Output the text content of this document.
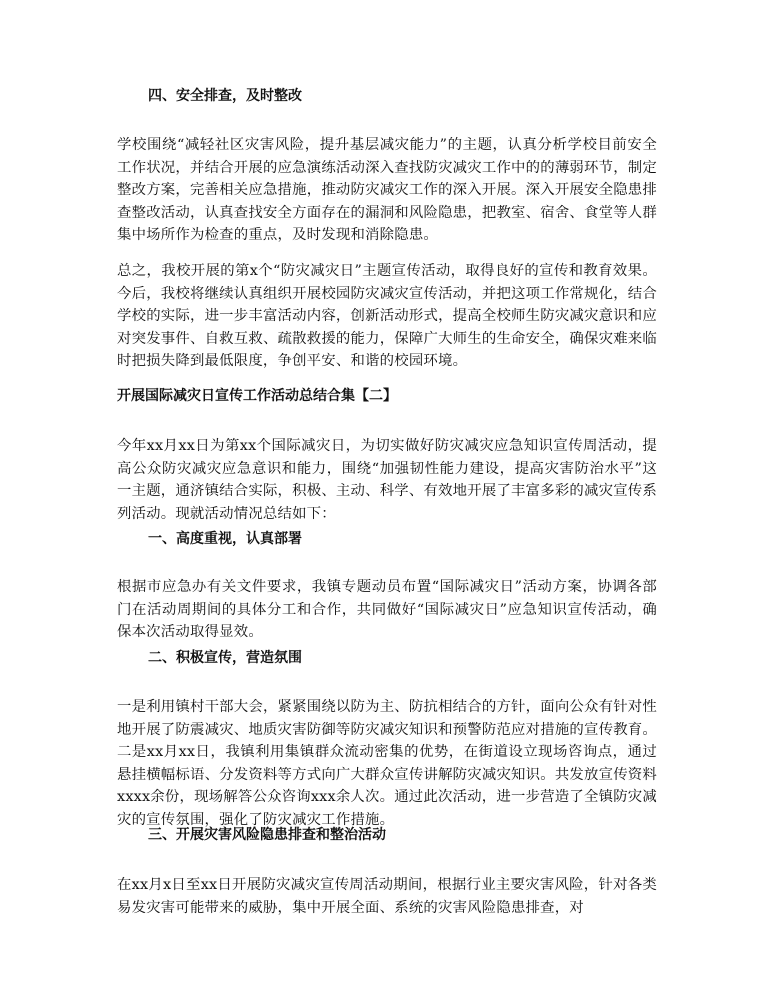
四、安全排查，及时整改

学校围绕“减轻社区灾害风险，提升基层减灾能力”的主题，认真分析学校目前安全工作状况，并结合开展的应急演练活动深入查找防灾减灾工作中的的薄弱环节，制定整改方案，完善相关应急措施，推动防灾减灾工作的深入开展。深入开展安全隐患排查整改活动，认真查找安全方面存在的漏洞和风险隐患，把教室、宿舍、食堂等人群集中场所作为检查的重点，及时发现和消除隐患。

总之，我校开展的第x个“防灾减灾日”主题宣传活动，取得良好的宣传和教育效果。今后，我校将继续认真组织开展校园防灾减灾宣传活动，并把这项工作常规化，结合学校的实际，进一步丰富活动内容，创新活动形式，提高全校师生防灾减灾意识和应对突发事件、自救互救、疏散救援的能力，保障广大师生的生命安全，确保灾难来临时把损失降到最低限度，争创平安、和谐的校园环境。

开展国际减灾日宣传工作活动总结合集【二】

今年xx月xx日为第xx个国际减灾日，为切实做好防灾减灾应急知识宣传周活动，提高公众防灾减灾应急意识和能力，围绕“加强韧性能力建设，提高灾害防治水平”这一主题，通济镇结合实际，积极、主动、科学、有效地开展了丰富多彩的减灾宣传系列活动。现就活动情况总结如下：

一、高度重视，认真部署

根据市应急办有关文件要求，我镇专题动员布置“国际减灾日”活动方案，协调各部门在活动周期间的具体分工和合作，共同做好“国际减灾日”应急知识宣传活动，确保本次活动取得显效。

二、积极宣传，营造氛围

一是利用镇村干部大会，紧紧围绕以防为主、防抗相结合的方针，面向公众有针对性地开展了防震减灾、地质灾害防御等防灾减灾知识和预警防范应对措施的宣传教育。二是xx月xx日，我镇利用集镇群众流动密集的优势，在街道设立现场咨询点，通过悬挂横幅标语、分发资料等方式向广大群众宣传讲解防灾减灾知识。共发放宣传资料xxxx余份，现场解答公众咨询xxx余人次。通过此次活动，进一步营造了全镇防灾减灾的宣传氛围，强化了防灾减灾工作措施。

三、开展灾害风险隐患排查和整治活动

在xx月x日至xx日开展防灾减灾宣传周活动期间，根据行业主要灾害风险，针对各类易发灾害可能带来的威胁，集中开展全面、系统的灾害风险隐患排查，对
